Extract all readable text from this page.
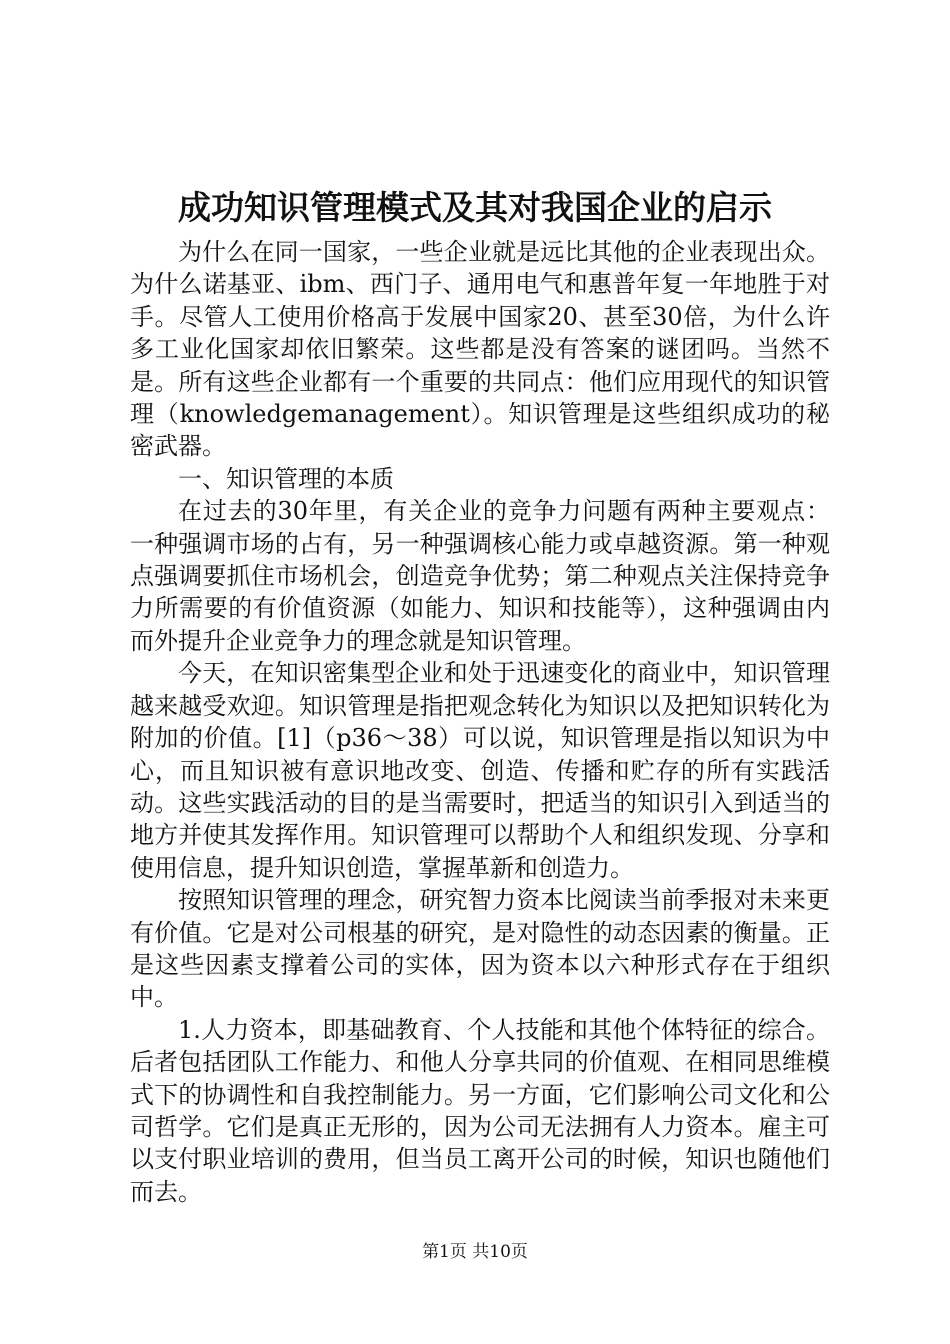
成功知识管理模式及其对我国企业的启示

为什么在同一国家，一些企业就是远比其他的企业表现出众。为什么诺基亚、ibm、西门子、通用电气和惠普年复一年地胜于对手。尽管人工使用价格高于发展中国家20、甚至30倍，为什么许多工业化国家却依旧繁荣。这些都是没有答案的谜团吗。当然不是。所有这些企业都有一个重要的共同点：他们应用现代的知识管理（knowledgemanagement）。知识管理是这些组织成功的秘密武器。

一、知识管理的本质

在过去的30年里，有关企业的竞争力问题有两种主要观点：一种强调市场的占有，另一种强调核心能力或卓越资源。第一种观点强调要抓住市场机会，创造竞争优势；第二种观点关注保持竞争力所需要的有价值资源（如能力、知识和技能等），这种强调由内而外提升企业竞争力的理念就是知识管理。

今天，在知识密集型企业和处于迅速变化的商业中，知识管理越来越受欢迎。知识管理是指把观念转化为知识以及把知识转化为附加的价值。[1]（p36～38）可以说，知识管理是指以知识为中心，而且知识被有意识地改变、创造、传播和贮存的所有实践活动。这些实践活动的目的是当需要时，把适当的知识引入到适当的地方并使其发挥作用。知识管理可以帮助个人和组织发现、分享和使用信息，提升知识创造，掌握革新和创造力。

按照知识管理的理念，研究智力资本比阅读当前季报对未来更有价值。它是对公司根基的研究，是对隐性的动态因素的衡量。正是这些因素支撑着公司的实体，因为资本以六种形式存在于组织中。

1.人力资本，即基础教育、个人技能和其他个体特征的综合。后者包括团队工作能力、和他人分享共同的价值观、在相同思维模式下的协调性和自我控制能力。另一方面，它们影响公司文化和公司哲学。它们是真正无形的，因为公司无法拥有人力资本。雇主可以支付职业培训的费用，但当员工离开公司的时候，知识也随他们而去。

第1页 共10页
